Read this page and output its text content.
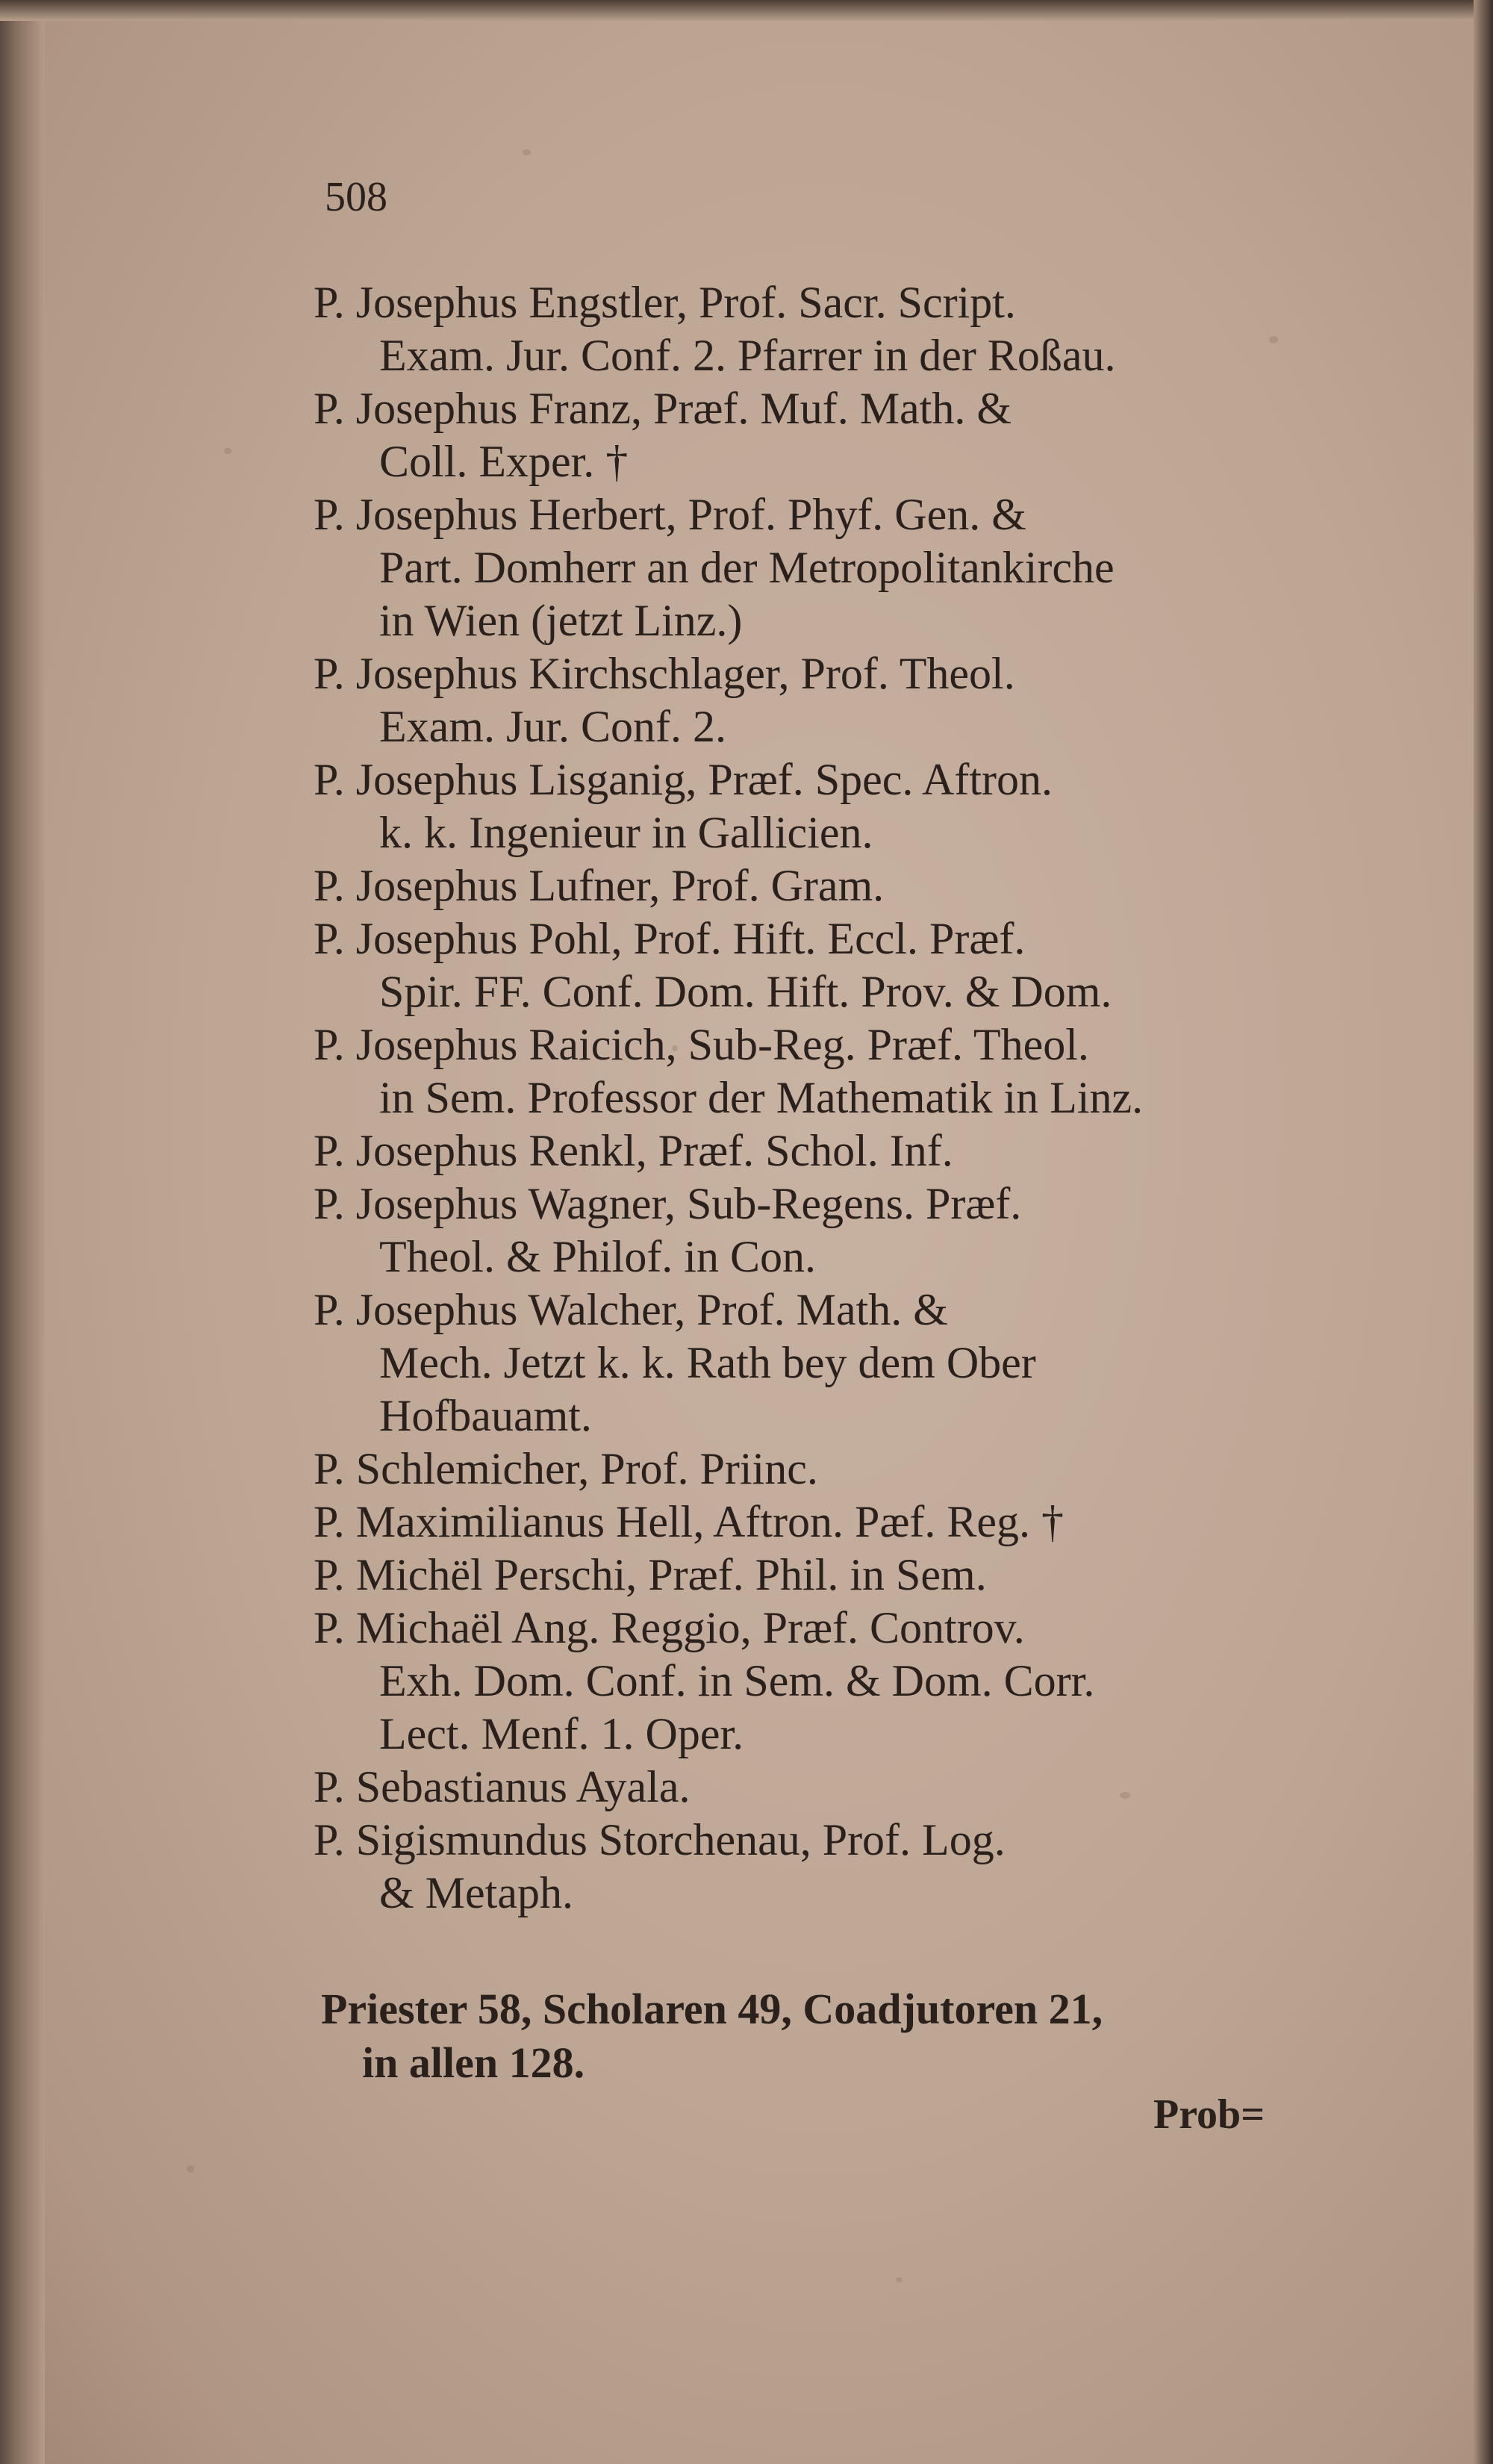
508
P. Josephus Engstler, Prof. Sacr. Script.
Exam. Jur. Conf. 2. Pfarrer in der Roßau.
P. Josephus Franz, Præf. Muf. Math. &
Coll. Exper. †
P. Josephus Herbert, Prof. Phyf. Gen. &
Part. Domherr an der Metropolitankirche
in Wien (jetzt Linz.)
P. Josephus Kirchschlager, Prof. Theol.
Exam. Jur. Conf. 2.
P. Josephus Lisganig, Præf. Spec. Aftron.
k. k. Ingenieur in Gallicien.
P. Josephus Lufner, Prof. Gram.
P. Josephus Pohl, Prof. Hift. Eccl. Præf.
Spir. FF. Conf. Dom. Hift. Prov. & Dom.
P. Josephus Raicich, Sub-Reg. Præf. Theol.
in Sem. Professor der Mathematik in Linz.
P. Josephus Renkl, Præf. Schol. Inf.
P. Josephus Wagner, Sub-Regens. Præf.
Theol. & Philof. in Con.
P. Josephus Walcher, Prof. Math. &
Mech. Jetzt k. k. Rath bey dem Ober
Hofbauamt.
P. Schlemicher, Prof. Priinc.
P. Maximilianus Hell, Aftron. Pæf. Reg. †
P. Michël Perschi, Præf. Phil. in Sem.
P. Michaël Ang. Reggio, Præf. Controv.
Exh. Dom. Conf. in Sem. & Dom. Corr.
Lect. Menf. 1. Oper.
P. Sebastianus Ayala.
P. Sigismundus Storchenau, Prof. Log.
& Metaph.
Priester 58, Scholaren 49, Coadjutoren 21,
in allen 128.
Prob=
